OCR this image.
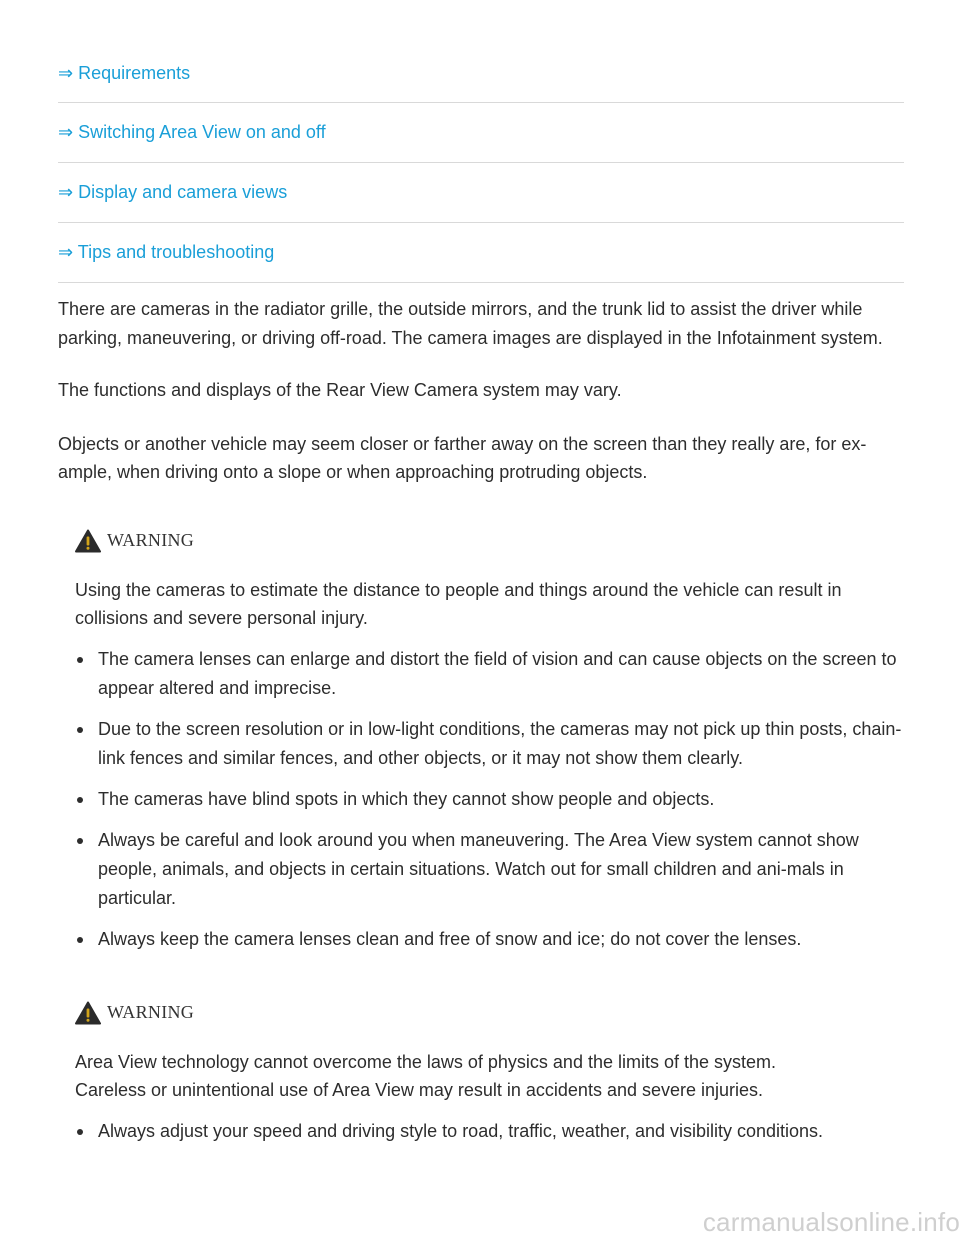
⇒ Requirements
⇒ Switching Area View on and off
⇒ Display and camera views
⇒ Tips and troubleshooting

There are cameras in the radiator grille, the outside mirrors, and the trunk lid to assist the driver while parking, maneuvering, or driving off-road. The camera images are displayed in the Infotainment system.

The functions and displays of the Rear View Camera system may vary.

Objects or another vehicle may seem closer or farther away on the screen than they really are, for ex-ample, when driving onto a slope or when approaching protruding objects.

WARNING

Using the cameras to estimate the distance to people and things around the vehicle can result in collisions and severe personal injury.

The camera lenses can enlarge and distort the field of vision and can cause objects on the screen to appear altered and imprecise.
Due to the screen resolution or in low-light conditions, the cameras may not pick up thin posts, chain-link fences and similar fences, and other objects, or it may not show them clearly.
The cameras have blind spots in which they cannot show people and objects.
Always be careful and look around you when maneuvering. The Area View system cannot show people, animals, and objects in certain situations. Watch out for small children and ani-mals in particular.
Always keep the camera lenses clean and free of snow and ice; do not cover the lenses.
WARNING

Area View technology cannot overcome the laws of physics and the limits of the system.
Careless or unintentional use of Area View may result in accidents and severe injuries.

Always adjust your speed and driving style to road, traffic, weather, and visibility conditions.
carmanualsonline.info
